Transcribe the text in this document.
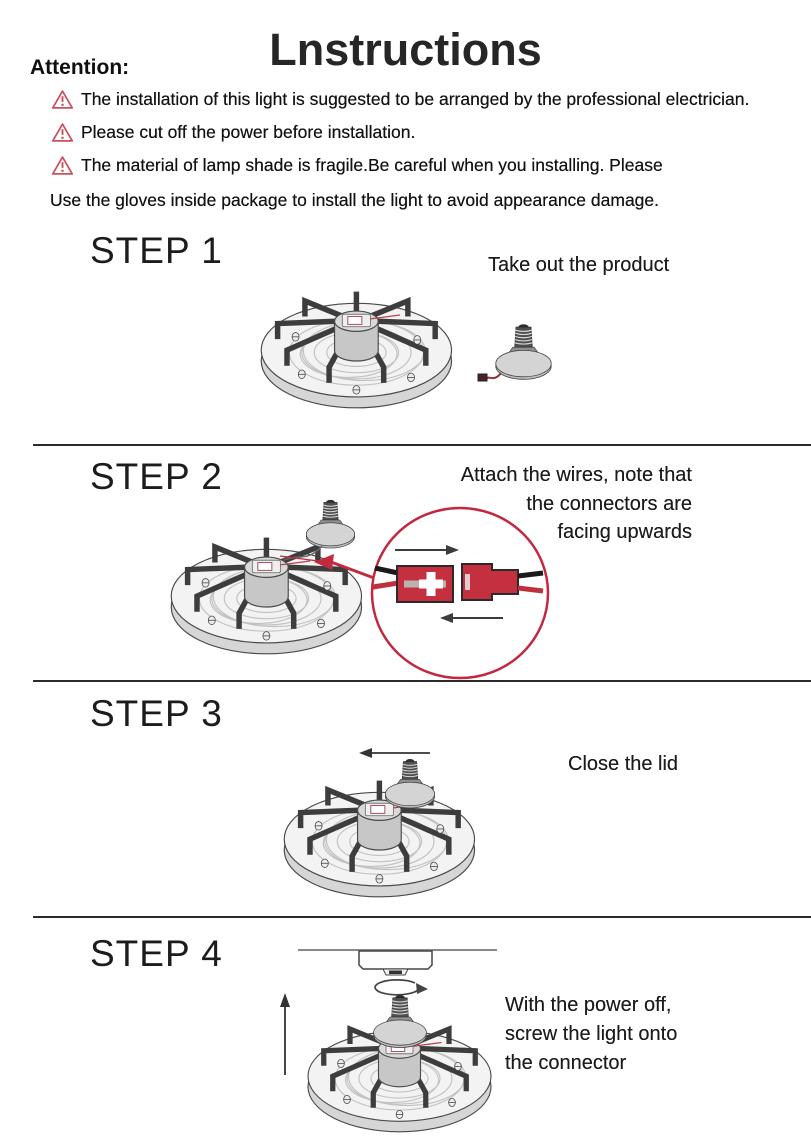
Lnstructions
Attention:
The installation of this light is suggested to be arranged by the professional electrician.
Please cut off the power before installation.
The material of lamp shade is fragile.Be careful when you installing. Please
Use the gloves inside package to install the light to avoid appearance damage.
STEP 1	Take out the product
STEP 2	Attach the wires, note that
the connectors are
facing upwards
STEP 3
Close the lid
STEP 4
With the power off,
screw the light onto
the connector
